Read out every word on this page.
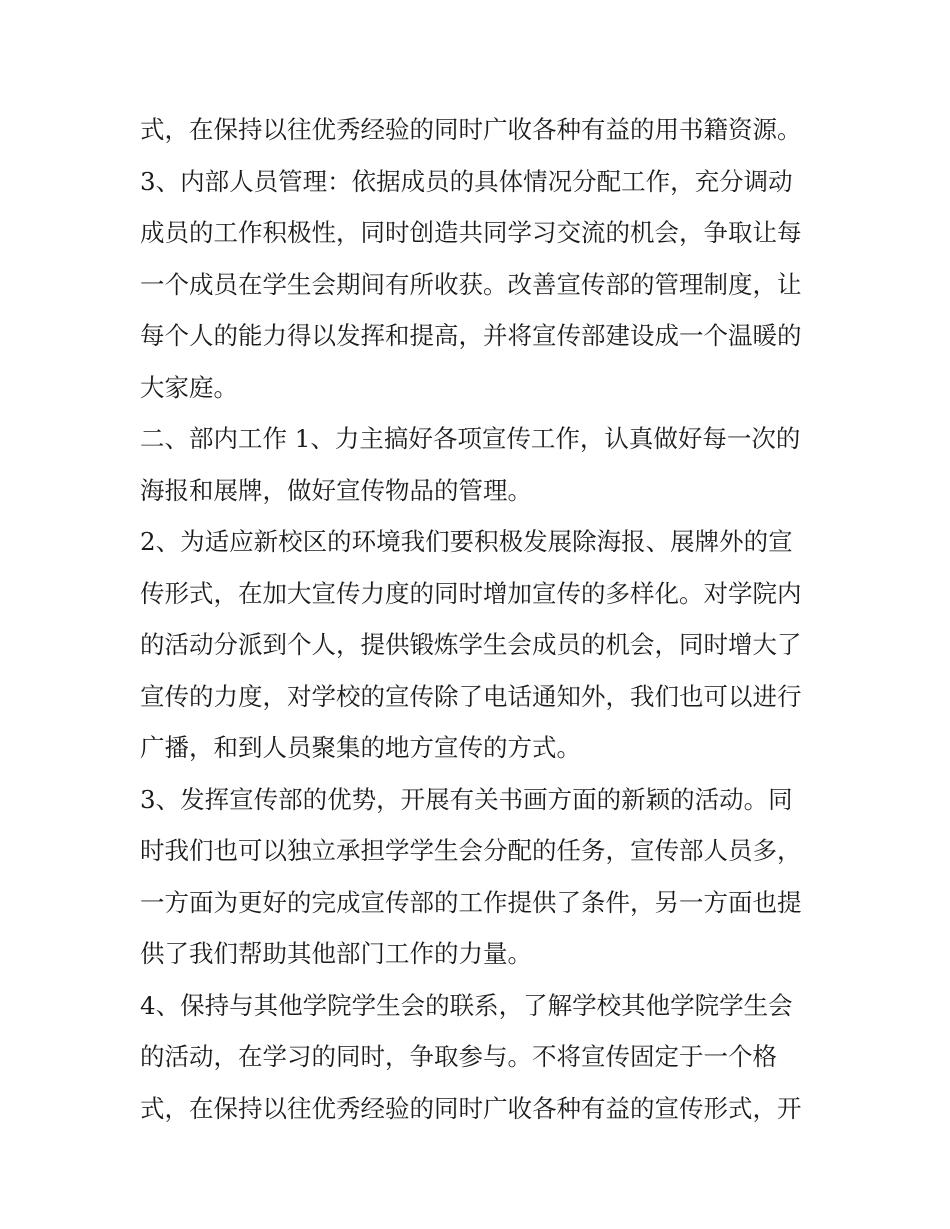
式，在保持以往优秀经验的同时广收各种有益的用书籍资源。
3、内部人员管理：依据成员的具体情况分配工作，充分调动
成员的工作积极性，同时创造共同学习交流的机会，争取让每
一个成员在学生会期间有所收获。改善宣传部的管理制度，让
每个人的能力得以发挥和提高，并将宣传部建设成一个温暖的
大家庭。
二、部内工作 1、力主搞好各项宣传工作，认真做好每一次的
海报和展牌，做好宣传物品的管理。
2、为适应新校区的环境我们要积极发展除海报、展牌外的宣
传形式，在加大宣传力度的同时增加宣传的多样化。对学院内
的活动分派到个人，提供锻炼学生会成员的机会，同时增大了
宣传的力度，对学校的宣传除了电话通知外，我们也可以进行
广播，和到人员聚集的地方宣传的方式。
3、发挥宣传部的优势，开展有关书画方面的新颖的活动。同
时我们也可以独立承担学学生会分配的任务，宣传部人员多，
一方面为更好的完成宣传部的工作提供了条件，另一方面也提
供了我们帮助其他部门工作的力量。
4、保持与其他学院学生会的联系，了解学校其他学院学生会
的活动，在学习的同时，争取参与。不将宣传固定于一个格
式，在保持以往优秀经验的同时广收各种有益的宣传形式，开
